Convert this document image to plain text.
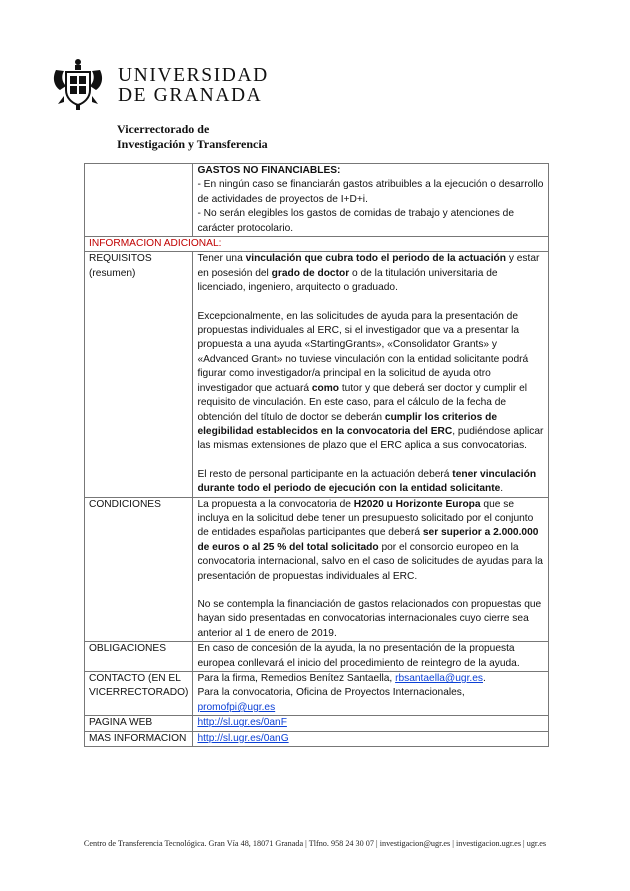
UNIVERSIDAD
DE GRANADA
Vicerrectorado de
Investigación y Transferencia

	GASTOS NO FINANCIABLES:
- En ningún caso se financiarán gastos atribuibles a la ejecución o desarrollo de actividades de proyectos de I+D+i.
- No serán elegibles los gastos de comidas de trabajo y atenciones de carácter protocolario.

INFORMACION ADICIONAL:	
REQUISITOS (resumen)	Tener una vinculación que cubra todo el periodo de la actuación y estar en posesión del grado de doctor o de la titulación universitaria de licenciado, ingeniero, arquitecto o graduado.
Excepcionalmente, en las solicitudes de ayuda para la presentación de propuestas individuales al ERC, si el investigador que va a presentar la propuesta a una ayuda «StartingGrants», «Consolidator Grants» y «Advanced Grant» no tuviese vinculación con la entidad solicitante podrá figurar como investigador/a principal en la solicitud de ayuda otro investigador que actuará como tutor y que deberá ser doctor y cumplir el requisito de vinculación. En este caso, para el cálculo de la fecha de obtención del título de doctor se deberán cumplir los criterios de elegibilidad establecidos en la convocatoria del ERC, pudiéndose aplicar las mismas extensiones de plazo que el ERC aplica a sus convocatorias.
El resto de personal participante en la actuación deberá tener vinculación durante todo el periodo de ejecución con la entidad solicitante.

CONDICIONES	La propuesta a la convocatoria de H2020 u Horizonte Europa que se incluya en la solicitud debe tener un presupuesto solicitado por el conjunto de entidades españolas participantes que deberá ser superior a 2.000.000 de euros o al 25 % del total solicitado por el consorcio europeo en la convocatoria internacional, salvo en el caso de solicitudes de ayudas para la presentación de propuestas individuales al ERC.
No se contempla la financiación de gastos relacionados con propuestas que hayan sido presentadas en convocatorias internacionales cuyo cierre sea anterior al 1 de enero de 2019.

OBLIGACIONES	En caso de concesión de la ayuda, la no presentación de la propuesta europea conllevará el inicio del procedimiento de reintegro de la ayuda.
CONTACTO (EN EL VICERRECTORADO)	Para la firma, Remedios Benítez Santaella, rbsantaella@ugr.es.
Para la convocatoria, Oficina de Proyectos Internacionales, promofpi@ugr.es

PAGINA WEB	http://sl.ugr.es/0anF
MAS INFORMACION	http://sl.ugr.es/0anG
Centro de Transferencia Tecnológica. Gran Vía 48, 18071 Granada | Tlfno. 958 24 30 07 | investigacion@ugr.es | investigacion.ugr.es | ugr.es
